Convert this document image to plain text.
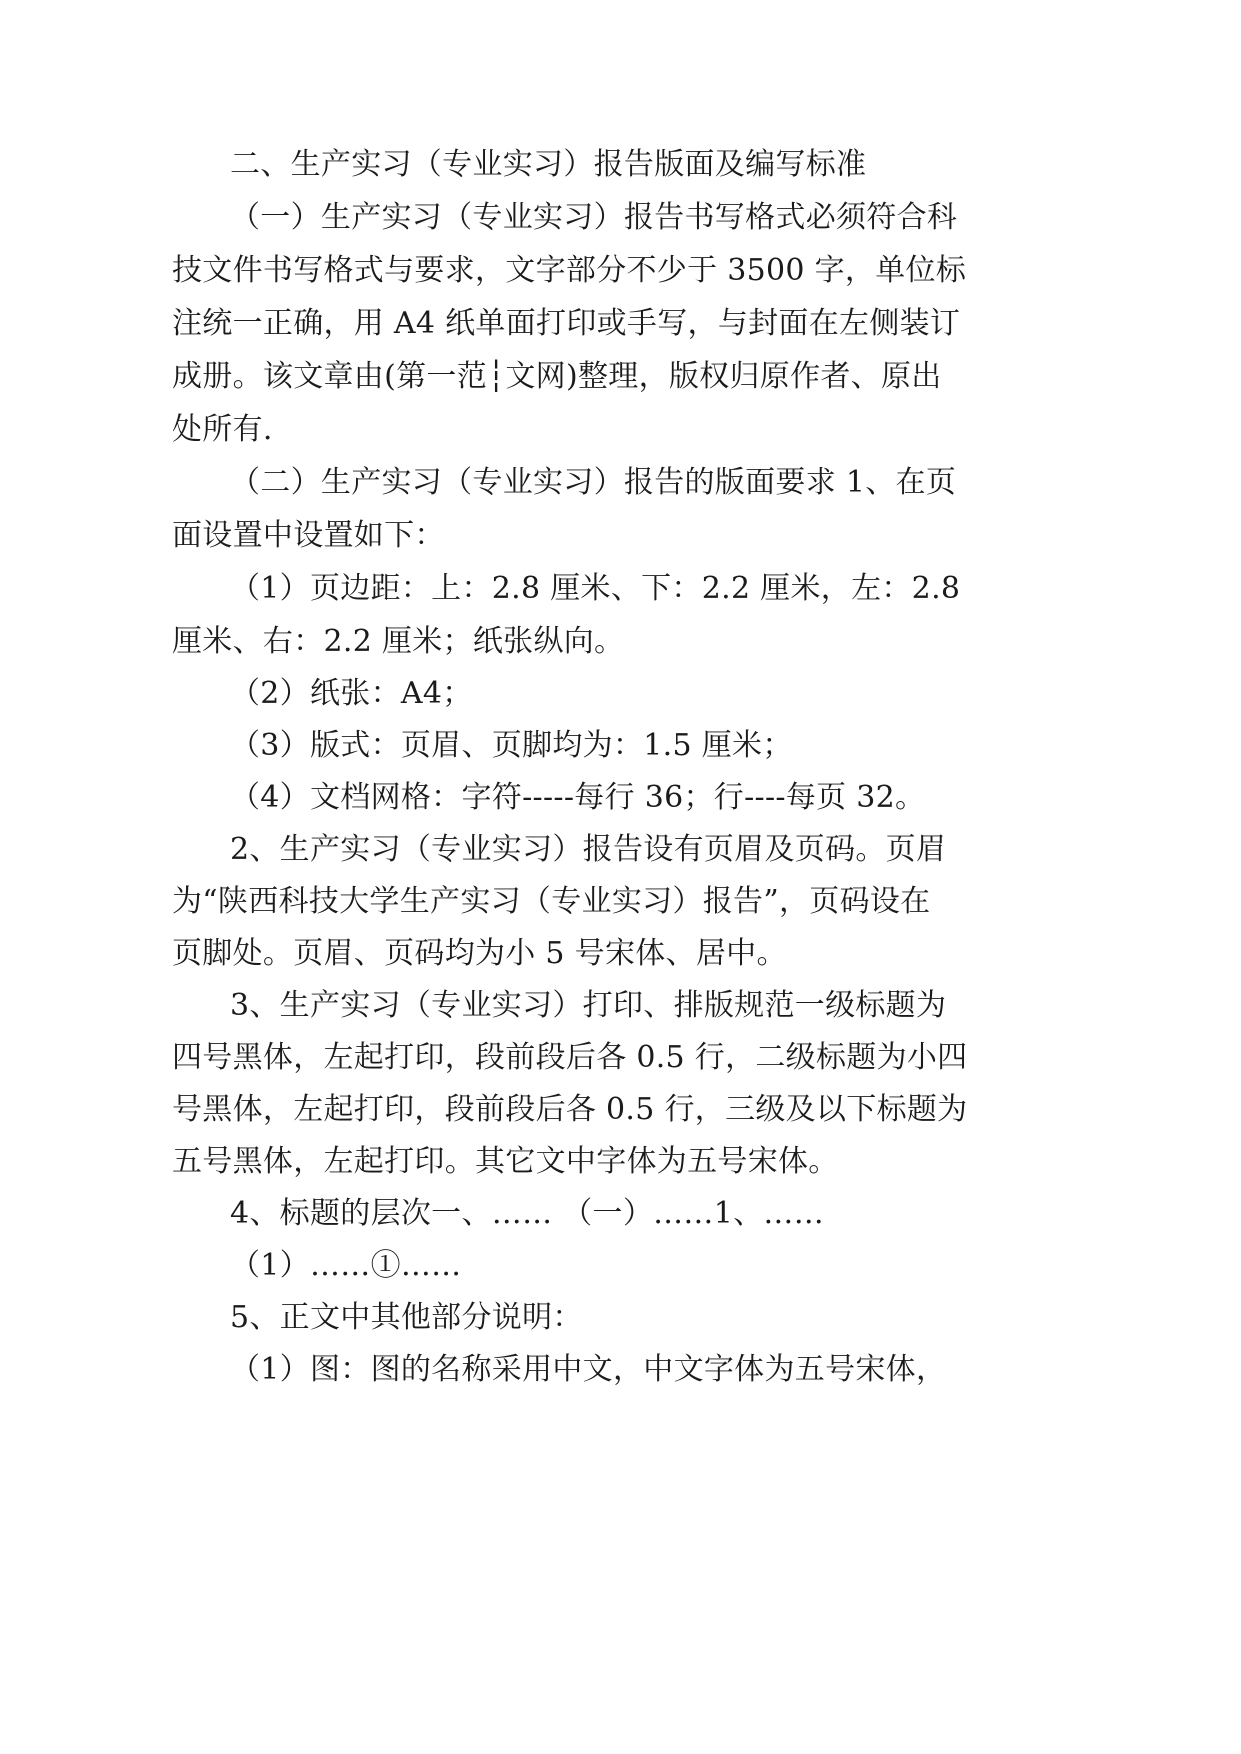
二、生产实习（专业实习）报告版面及编写标准
（一）生产实习（专业实习）报告书写格式必须符合科
技文件书写格式与要求，文字部分不少于 3500 字，单位标
注统一正确，用 A4 纸单面打印或手写，与封面在左侧装订
成册。该文章由(第一范┆文网)整理，版权归原作者、原出
处所有.
（二）生产实习（专业实习）报告的版面要求 1、在页
面设置中设置如下：
（1）页边距：上：2.8 厘米、下：2.2 厘米，左：2.8
厘米、右：2.2 厘米；纸张纵向。
（2）纸张：A4；
（3）版式：页眉、页脚均为：1.5 厘米；
（4）文档网格：字符-----每行 36；行----每页 32。
2、生产实习（专业实习）报告设有页眉及页码。页眉
为“陕西科技大学生产实习（专业实习）报告”，页码设在
页脚处。页眉、页码均为小 5 号宋体、居中。
3、生产实习（专业实习）打印、排版规范一级标题为
四号黑体，左起打印，段前段后各 0.5 行，二级标题为小四
号黑体，左起打印，段前段后各 0.5 行，三级及以下标题为
五号黑体，左起打印。其它文中字体为五号宋体。
4、标题的层次一、…… （一）……1、……
（1）……①……
5、正文中其他部分说明：
（1）图：图的名称采用中文，中文字体为五号宋体，
